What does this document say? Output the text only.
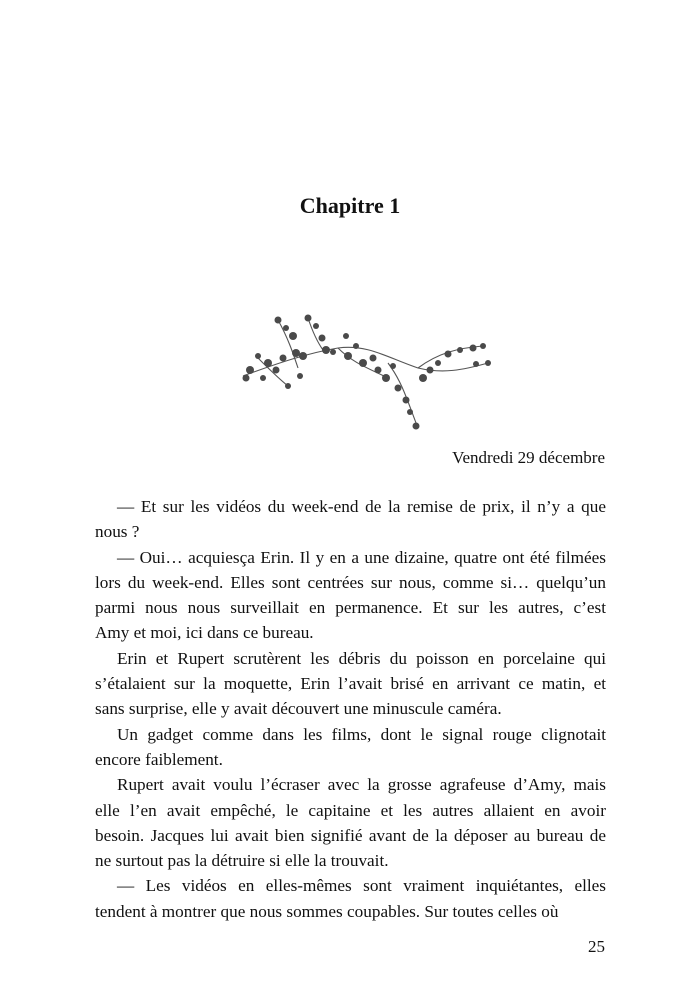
Chapitre 1
Vendredi 29 décembre
— Et sur les vidéos du week-end de la remise de prix, il n’y a que
nous ?
— Oui… acquiesça Erin. Il y en a une dizaine, quatre ont été filmées
lors du week-end. Elles sont centrées sur nous, comme si… quelqu’un
parmi nous nous surveillait en permanence. Et sur les autres, c’est
Amy et moi, ici dans ce bureau.
Erin et Rupert scrutèrent les débris du poisson en porcelaine qui
s’étalaient sur la moquette, Erin l’avait brisé en arrivant ce matin, et
sans surprise, elle y avait découvert une minuscule caméra.
Un gadget comme dans les films, dont le signal rouge clignotait
encore faiblement.
Rupert avait voulu l’écraser avec la grosse agrafeuse d’Amy, mais
elle l’en avait empêché, le capitaine et les autres allaient en avoir
besoin. Jacques lui avait bien signifié avant de la déposer au bureau de
ne surtout pas la détruire si elle la trouvait.
— Les vidéos en elles-mêmes sont vraiment inquiétantes, elles
tendent à montrer que nous sommes coupables. Sur toutes celles où
25
